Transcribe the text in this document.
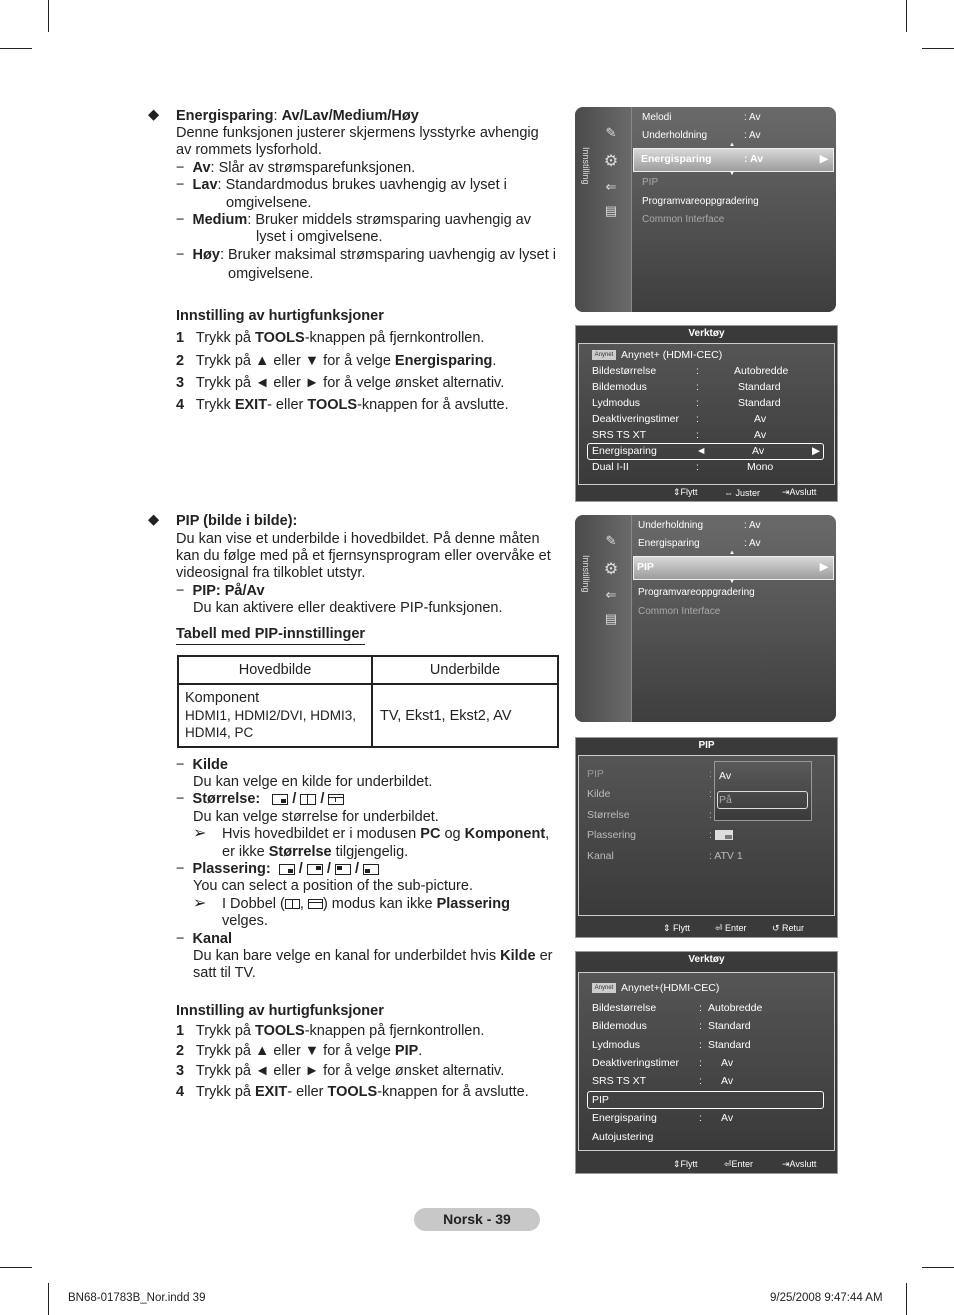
◆ Energisparing: Av/Lav/Medium/Høy
Denne funksjonen justerer skjermens lysstyrke avhengig
av rommets lysforhold.
−  Av: Slår av strømsparefunksjonen.
−  Lav: Standardmodus brukes uavhengig av lyset i
omgivelsene.
−  Medium: Bruker middels strømsparing uavhengig av
lyset i omgivelsene.
−  Høy: Bruker maksimal strømsparing uavhengig av lyset i
omgivelsene.
Innstilling av hurtigfunksjoner
1 Trykk på TOOLS-knappen på fjernkontrollen.
2 Trykk på ▲ eller ▼ for å velge Energisparing.
3 Trykk på ◄ eller ► for å velge ønsket alternativ.
4 Trykk EXIT- eller TOOLS-knappen for å avslutte.
◆ PIP (bilde i bilde):
Du kan vise et underbilde i hovedbildet. På denne måten
kan du følge med på et fjernsynsprogram eller overvåke et
videosignal fra tilkoblet utstyr.
−  PIP: På/Av
Du kan aktivere eller deaktivere PIP-funksjonen.
Tabell med PIP-innstillinger
Hovedbilde	Underbilde

Komponent
HDMI1, HDMI2/DVI, HDMI3,
HDMI4, PC	TV, Ekst1, Ekst2, AV
−  Kilde
Du kan velge en kilde for underbildet.
−  Størrelse: / /
Du kan velge størrelse for underbildet.
➢ Hvis hovedbildet er i modusen PC og Komponent,
er ikke Størrelse tilgjengelig.
−  Plassering: / / /
You can select a position of the sub-picture.
➢ I Dobbel ( ,
) modus kan ikke Plassering
velges.
−  Kanal
Du kan bare velge en kanal for underbildet hvis Kilde er
satt til TV.
Innstilling av hurtigfunksjoner
1 Trykk på TOOLS-knappen på fjernkontrollen.
2 Trykk på ▲ eller ▼ for å velge PIP.
3 Trykk på ◄ eller ► for å velge ønsket alternativ.
4 Trykk på EXIT- eller TOOLS-knappen for å avslutte.
Innstilling
✎
⚙
⇐
▤
Melodi	: Av
Underholdning	: Av
Energisparing	: Av	▶
▲
▼
PIP
Programvareoppgradering
Common Interface
Verktøy
Anynet Anynet+ (HDMI-CEC)
Bildestørrelse	:	Autobredde
Bildemodus	:	Standard
Lydmodus	:	Standard
Deaktiveringstimer :	Av
SRS TS XT	:	Av
Energisparing	◄	Av	▶
Dual I-II	:	Mono
⇕Flytt	⇔ Juster ⇥Avslutt
Innstilling
✎
⚙
⇐
▤
Underholdning	: Av
Energisparing	: Av
PIP	▶
▲
▼
Programvareoppgradering
Common Interface
PIP
PIP	:
Kilde	:
Størrelse	:
Plassering	:
Kanal	: ATV 1
Av
På
⇕ Flytt	⏎ Enter	↺ Retur
Verktøy
Anynet Anynet+(HDMI-CEC)
Bildestørrelse	: Autobredde
Bildemodus	: Standard
Lydmodus	: Standard
Deaktiveringstimer : Av
SRS TS XT	: Av
PIP
Energisparing	: Av
Autojustering
⇕Flytt	⏎Enter	⇥Avslutt
Norsk - 39
BN68-01783B_Nor.indd 39	9/25/2008 9:47:44 AM
